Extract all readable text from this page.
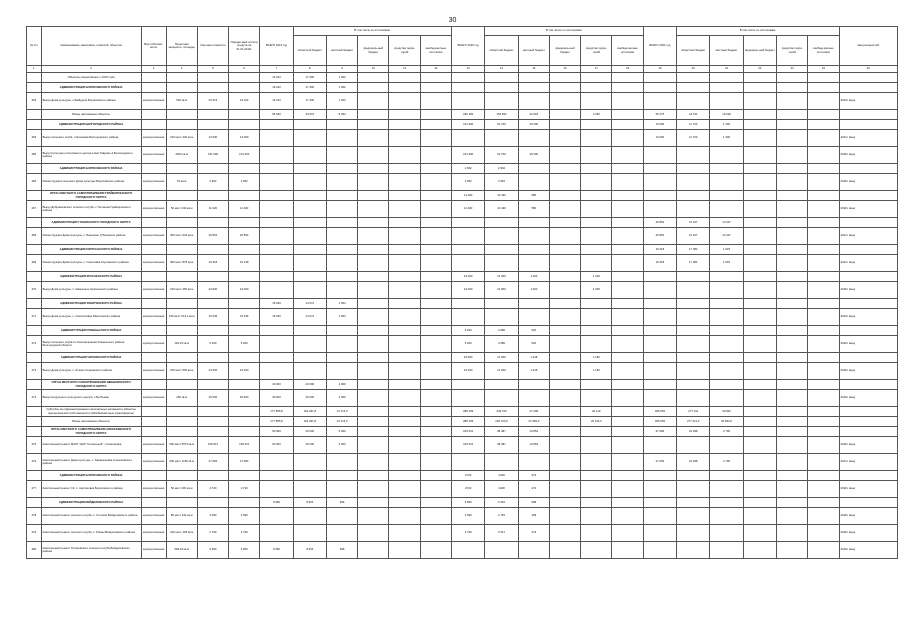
30
№ п/п	Наименование заказчиков, отраслей, объектов	Вид собствен-ности	Проектная мощность, площадь	Сметная стоимость	Ожидае-мый остаток средств на 01.01.2019г.	ВСЕГО 2019 год	В том числе по источникам:					ВСЕГО 2020 год	В том числе по источникам:					ВСЕГО 2021 год	В том числе по источникам:					ввод мощностей
							областной бюджет	местный бюджет	федераль-ный бюджет	средства терри-торий	внебюд-жетные источники		областной бюджет	местный бюджет	федераль-ный бюджет	средства терри-торий	внебюд-жетные источники		областной бюджет	местный бюджет	федераль-ный бюджет	средства терри-торий	внебюд-жетные источники	
1	2	3	4	5	6	7	8	9	10	11	12	13	14	15	16	17	18	19	20	21	22	23	24	25
	Объекты,переходящие с 2018 года					19 222	17 300	1 922																
	АДМИНИСТРАЦИЯ БОРИСОВСКОГО РАЙОНА					19 222	17 300	1 922																
463	Выкуп Дома культуры, с.Байцуров Борисовского района	муници-пальная	520 кв.м	22 513	19 222	19 222	17 300	1 922																2019г. ввод
	Вновь начинаемые объекты					55 630	34 572	8 394				186 182	152 652	42 018		2 352		59 175	42 511	16 630				
	АДМИНИСТРАЦИЯ БЕЛГОРОДСКОГО РАЙОНА											131 000	51 700	39 300				13 000	11 700	1 300				
464	Выкуп сельского клуба, п.Нечаевка Белгородского района	муници-пальная	100 мест 430 кв.м	13 000	13 000													13 000	11 700	1 300				2021г. ввод
465	Выкуп Культурно-спортивного центра в мкр.Таврово-4 Белгородского района	муници-пальная	2000 кв.м	131 000	131 000							131 000	51 700	39 300										2020г. ввод
	АДМИНИСТРАЦИЯ БОРИСОВСКОГО РАЙОНА											2 962	2 962											
466	Реконструкция сельского Дома культуры Борисовского района	муници-пальная	51 кв.м	2 962	2 962							2 962	2 962											2020г. ввод
	ОРГАН МЕСТНОГО САМОУПРАВЛЕНИЯ ГРАЙВОРОНСКОГО ГОРОДСКОГО ОКРУГА											11 020	10 440	580										
467	Выкуп Добрянковского сельского клуба, с.Топлинка Грайворонского района	муници-пальная	50 мест 232 кв.м	11 020	11 020							11 020	10 440	580										2020г. ввод
	АДМИНИСТРАЦИЯ ГУБКИНСКОГО ГОРОДСКОГО ОКРУГА																	26 854	13 427	13 427				
468	Реконструкция Дома культуры, с. Бањшино Губкинского района	муници-пальная	300 мест 903 кв.м	26 854	26 854													26 854	13 427	13 427				2021г. ввод
	АДМИНИСТРАЦИЯ КОРОЧАНСКОГО РАЙОНА																	19 318	17 384	1 933				
469	Реконструкция Дома культуры, с. Соколовка Корочанского района	муници-пальная	300 мест 878 кв.м	19 318	19 318													19 318	17 384	1 933				2021г. ввод
	АДМИНИСТРАЦИЯ КРАСНЕНСКОГО РАЙОНА											24 000	21 600	1 200		1 200								
470	Выкуп Дома культуры, с. Камышное Красненского района	муници-пальная	100 мест 450 кв.м	24 000	24 000							24 000	21 600	1 200		1 200								2020г. ввод
	АДМИНИСТРАЦИЯ РАКИТЯНСКОГО РАЙОНА					15 636	14 072	1 564																
471	Выкуп Дома культуры, с. Святославка Ракитянского района	муници-пальная	150 мест 513,2 кв.м	15 636	15 636	15 636	14 072	1 564																2019г. ввод
	АДМИНИСТРАЦИЯ РОВЕНЬСКОГО РАЙОНА											5 200	4 680	520										
472	Выкуп сельского клуба в с.Калиниченково Ровеньского района Белгородской области	муници-пальная	129,15 кв.м	5 200	5 200							5 200	4 680	520										2020г. ввод
	АДМИНИСТРАЦИЯ ЧЕРНЯНСКОГО РАЙОНА											24 000	21 600	1 218		1 182								
473	Выкуп Дома культуры, с. Лозное Чернянского района	муници-пальная	100 мест 550 кв.м	24 000	24 000							24 000	21 600	1 218		1 182								2020г. ввод
	ОРГАН МЕСТНОГО САМОУПРАВЛЕНИЯ ШЕБЕКИНСКОГО ГОРОДСКОГО ОКРУГА					40 000	40 000	4 000																
474	Выкуп модульного культурного центра, с.Булбыево	муници-пальная	250 кв.м	45 000	45 000	40 000	40 000	4 000																2019г. ввод
	Субсидии на софинансирование капитальных вложений в объекты муниципальной собственности (Межбюджетные трансферты)					177 865,8	164 291,8	13 713,0				288 109	249 700	37 299		20 110		306 053	277 211	30 842				
	Вновь начинаемые объекты					177 865,8	164 291,8	13 713,0				288 109	249 700,0	37 299,0		20 110,0		306 053	277 211,0	30 842,0				
	ОРГАН МЕСТНОГО САМОУПРАВЛЕНИЯ АЛЕКСЕЕВСКОГО ГОРОДСКОГО ОКРУГА					50 000	45 000	5 000				109 541	98 487	10 854				27 084	24 398	2 706				
475	Капитальный ремонт МАУК "ЦКР "Солнечный", г.Алексеевка	муници-пальная	500 мест 5573 кв.м	159 541	159 541	50 000	45 000	5 000				109 541	98 487	10 854										2020г. ввод
476	Капитальный ремонт Дома культуры, с. Афанасьевка Алексеевского района	муници-пальная	250 мест 1150 кв.м	27 084	27 084													27 084	24 398	2 706				2021г. ввод
	АДМИНИСТРАЦИЯ БОРИСОВСКОГО РАЙОНА											2720	2448	272										
477	Капитальный ремонт СК, с. Акулиновка Борисовского района	муници-пальная	50 мест 181 кв.м	2 720	2 720							2720	2448	272										2020г. ввод
	АДМИНИСТРАЦИЯ ВЕЙДЕЛЕВСКОГО РАЙОНА					9 960	8 964	996				6 850	6 262	588										
478	Капитальный ремонт сельского клуба, с. Степная Вейделевского района	муници-пальная	80 мест 342 кв.м	3 090	3 090							3 090	2 781	309										2020г. ввод
479	Капитальный ремонт сельского клуба, с. Ровны Вейделевского района	муници-пальная	100 мест 195 кв.м	2 790	2 790							2 790	2 511	279										2020г. ввод
480	Капитальный ремонт Титаровского сельского клуба Вейделевского района	муници-пальная	508,23 кв.м	9 960	9 960	9 960	8 964	996																2019г. ввод
